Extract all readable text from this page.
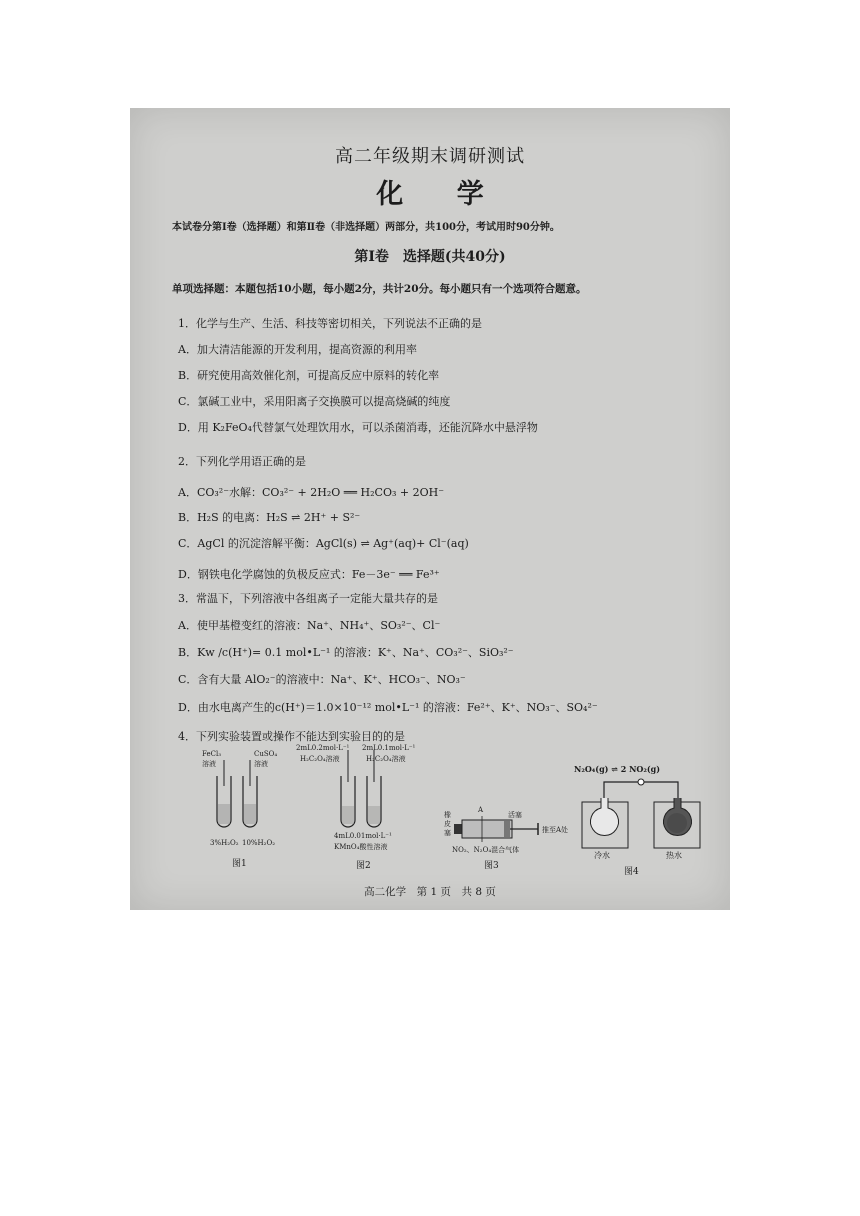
高二年级期末调研测试
化 学
本试卷分第Ⅰ卷（选择题）和第Ⅱ卷（非选择题）两部分，共100分，考试用时90分钟。
第Ⅰ卷　选择题(共40分)
单项选择题：本题包括10小题，每小题2分，共计20分。每小题只有一个选项符合题意。
1．化学与生产、生活、科技等密切相关，下列说法不正确的是
A．加大清洁能源的开发利用，提高资源的利用率
B．研究使用高效催化剂，可提高反应中原料的转化率
C．氯碱工业中，采用阳离子交换膜可以提高烧碱的纯度
D．用 K₂FeO₄代替氯气处理饮用水，可以杀菌消毒，还能沉降水中悬浮物
2．下列化学用语正确的是
A．CO₃²⁻水解：CO₃²⁻ + 2H₂O ══ H₂CO₃ + 2OH⁻
B．H₂S 的电离：H₂S ⇌ 2H⁺ + S²⁻
C．AgCl 的沉淀溶解平衡：AgCl(s) ⇌ Ag⁺(aq)+ Cl⁻(aq)
D．钢铁电化学腐蚀的负极反应式：Fe－3e⁻ ══ Fe³⁺
3．常温下，下列溶液中各组离子一定能大量共存的是
A．使甲基橙变红的溶液：Na⁺、NH₄⁺、SO₃²⁻、Cl⁻
B．Kw /c(H⁺)= 0.1 mol•L⁻¹ 的溶液：K⁺、Na⁺、CO₃²⁻、SiO₃²⁻
C．含有大量 AlO₂⁻的溶液中：Na⁺、K⁺、HCO₃⁻、NO₃⁻
D．由水电离产生的c(H⁺)＝1.0×10⁻¹² mol•L⁻¹ 的溶液：Fe²⁺、K⁺、NO₃⁻、SO₄²⁻
4．下列实验装置或操作不能达到实验目的的是
FeCl₃
溶液
CuSO₄
溶液
3%H₂O₂ 10%H₂O₂
图1
2mL0.2mol·L⁻¹
H₂C₂O₄溶液
2mL0.1mol·L⁻¹
H₂C₂O₄溶液
4mL0.01mol·L⁻¹
KMnO₄酸性溶液
图2
橡
皮
塞
A
活塞
推至A处
NO₂、N₂O₄混合气体
图3
N₂O₄(g) ⇌ 2 NO₂(g)
冷水	热水
图4
高二化学　第 1 页　共 8 页
